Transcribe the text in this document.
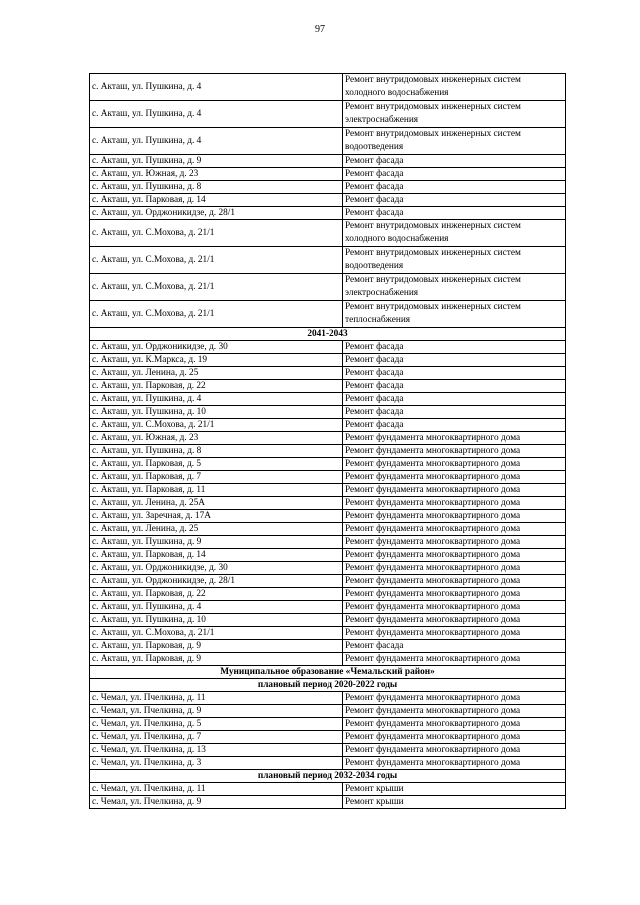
97
с. Акташ, ул. Пушкина, д. 4	Ремонт внутридомовых инженерных систем холодного водоснабжения
с. Акташ, ул. Пушкина, д. 4	Ремонт внутридомовых инженерных систем электроснабжения
с. Акташ, ул. Пушкина, д. 4	Ремонт внутридомовых инженерных систем водоотведения
с. Акташ, ул. Пушкина, д. 9	Ремонт фасада
с. Акташ, ул. Южная, д. 23	Ремонт фасада
с. Акташ, ул. Пушкина, д. 8	Ремонт фасада
с. Акташ, ул. Парковая, д. 14	Ремонт фасада
с. Акташ, ул. Орджоникидзе, д. 28/1	Ремонт фасада
с. Акташ, ул. С.Мохова, д. 21/1	Ремонт внутридомовых инженерных систем холодного водоснабжения
с. Акташ, ул. С.Мохова, д. 21/1	Ремонт внутридомовых инженерных систем водоотведения
с. Акташ, ул. С.Мохова, д. 21/1	Ремонт внутридомовых инженерных систем электроснабжения
с. Акташ, ул. С.Мохова, д. 21/1	Ремонт внутридомовых инженерных систем теплоснабжения
2041-2043	
с. Акташ, ул. Орджоникидзе, д. 30	Ремонт фасада
с. Акташ, ул. К.Маркса, д. 19	Ремонт фасада
с. Акташ, ул. Ленина, д. 25	Ремонт фасада
с. Акташ, ул. Парковая, д. 22	Ремонт фасада
с. Акташ, ул. Пушкина, д. 4	Ремонт фасада
с. Акташ, ул. Пушкина, д. 10	Ремонт фасада
с. Акташ, ул. С.Мохова, д. 21/1	Ремонт фасада
с. Акташ, ул. Южная, д. 23	Ремонт фундамента многоквартирного дома
с. Акташ, ул. Пушкина, д. 8	Ремонт фундамента многоквартирного дома
с. Акташ, ул. Парковая, д. 5	Ремонт фундамента многоквартирного дома
с. Акташ, ул. Парковая, д. 7	Ремонт фундамента многоквартирного дома
с. Акташ, ул. Парковая, д. 11	Ремонт фундамента многоквартирного дома
с. Акташ, ул. Ленина, д. 25А	Ремонт фундамента многоквартирного дома
с. Акташ, ул. Заречная, д. 17А	Ремонт фундамента многоквартирного дома
с. Акташ, ул. Ленина, д. 25	Ремонт фундамента многоквартирного дома
с. Акташ, ул. Пушкина, д. 9	Ремонт фундамента многоквартирного дома
с. Акташ, ул. Парковая, д. 14	Ремонт фундамента многоквартирного дома
с. Акташ, ул. Орджоникидзе, д. 30	Ремонт фундамента многоквартирного дома
с. Акташ, ул. Орджоникидзе, д. 28/1	Ремонт фундамента многоквартирного дома
с. Акташ, ул. Парковая, д. 22	Ремонт фундамента многоквартирного дома
с. Акташ, ул. Пушкина, д. 4	Ремонт фундамента многоквартирного дома
с. Акташ, ул. Пушкина, д. 10	Ремонт фундамента многоквартирного дома
с. Акташ, ул. С.Мохова, д. 21/1	Ремонт фундамента многоквартирного дома
с. Акташ, ул. Парковая, д. 9	Ремонт фасада
с. Акташ, ул. Парковая, д. 9	Ремонт фундамента многоквартирного дома
Муниципальное образование «Чемальский район»	
плановый период 2020-2022 годы	
с. Чемал, ул. Пчелкина, д. 11	Ремонт фундамента многоквартирного дома
с. Чемал, ул. Пчелкина, д. 9	Ремонт фундамента многоквартирного дома
с. Чемал, ул. Пчелкина, д. 5	Ремонт фундамента многоквартирного дома
с. Чемал, ул. Пчелкина, д. 7	Ремонт фундамента многоквартирного дома
с. Чемал, ул. Пчелкина, д. 13	Ремонт фундамента многоквартирного дома
с. Чемал, ул. Пчелкина, д. 3	Ремонт фундамента многоквартирного дома
плановый период 2032-2034 годы	
с. Чемал, ул. Пчелкина, д. 11	Ремонт крыши
с. Чемал, ул. Пчелкина, д. 9	Ремонт крыши
